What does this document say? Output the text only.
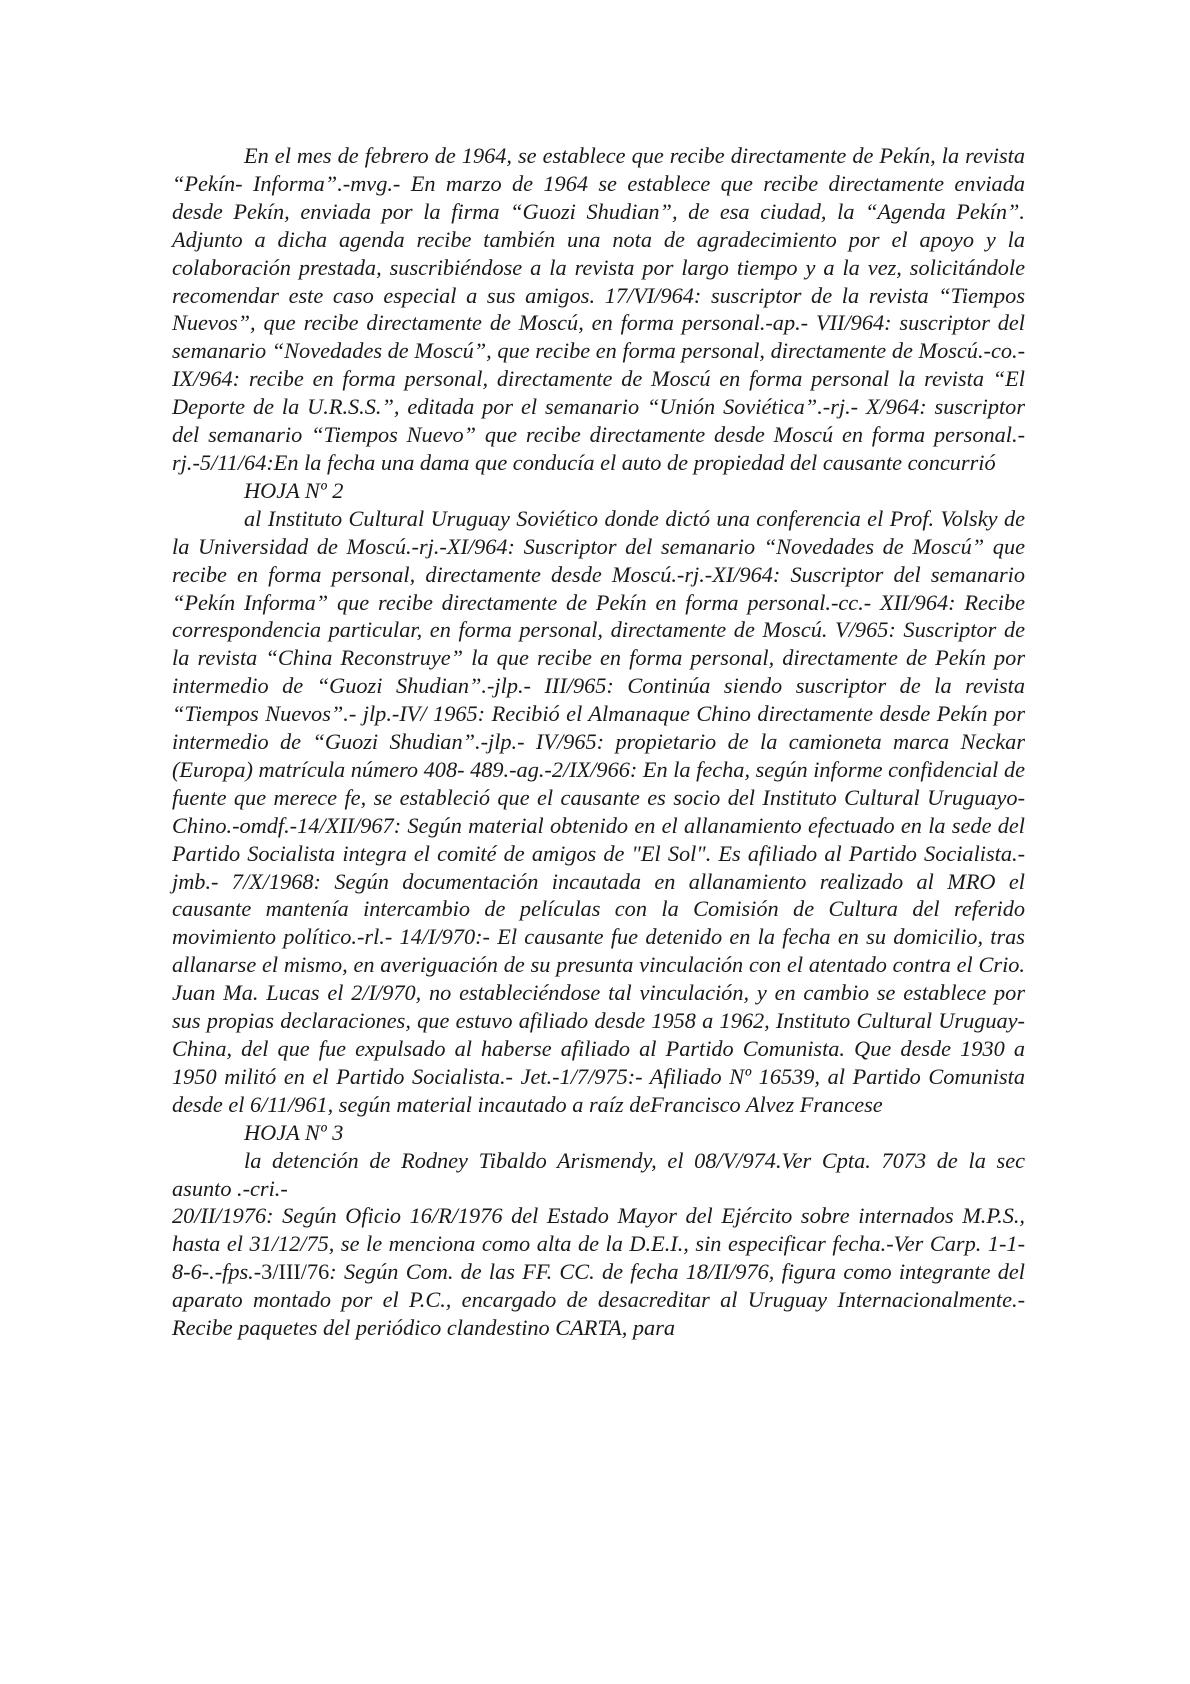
En el mes de febrero de 1964, se establece que recibe directamente de Pekín, la revista “Pekín- Informa”.-mvg.- En marzo de 1964 se establece que recibe directamente enviada desde Pekín, enviada por la firma “Guozi Shudian”, de esa ciudad, la “Agenda Pekín”. Adjunto a dicha agenda recibe también una nota de agradecimiento por el apoyo y la colaboración prestada, suscribiéndose a la revista por largo tiempo y a la vez, solicitándole recomendar este caso especial a sus amigos. 17/VI/964: suscriptor de la revista “Tiempos Nuevos”, que recibe directamente de Moscú, en forma personal.-ap.- VII/964: suscriptor del semanario “Novedades de Moscú”, que recibe en forma personal, directamente de Moscú.-co.-IX/964: recibe en forma personal, directamente de Moscú en forma personal la revista “El Deporte de la U.R.S.S.”, editada por el semanario “Unión Soviética”.-rj.- X/964: suscriptor del semanario “Tiempos Nuevo” que recibe directamente desde Moscú en forma personal.-rj.-5/11/64:En la fecha una dama que conducía el auto de propiedad del causante concurrió

HOJA Nº 2

al Instituto Cultural Uruguay Soviético donde dictó una conferencia el Prof. Volsky de la Universidad de Moscú.-rj.-XI/964: Suscriptor del semanario “Novedades de Moscú” que recibe en forma personal, directamente desde Moscú.-rj.-XI/964: Suscriptor del semanario “Pekín Informa” que recibe directamente de Pekín en forma personal.-cc.- XII/964: Recibe correspondencia particular, en forma personal, directamente de Moscú. V/965: Suscriptor de la revista “China Reconstruye” la que recibe en forma personal, directamente de Pekín por intermedio de “Guozi Shudian”.-jlp.- III/965: Continúa siendo suscriptor de la revista “Tiempos Nuevos”.- jlp.-IV/ 1965: Recibió el Almanaque Chino directamente desde Pekín por intermedio de “Guozi Shudian”.-jlp.- IV/965: propietario de la camioneta marca Neckar (Europa) matrícula número 408- 489.-ag.-2/IX/966: En la fecha, según informe confidencial de fuente que merece fe, se estableció que el causante es socio del Instituto Cultural Uruguayo-Chino.-omdf.-14/XII/967: Según material obtenido en el allanamiento efectuado en la sede del Partido Socialista integra el comité de amigos de "El Sol". Es afiliado al Partido Socialista.-jmb.- 7/X/1968: Según documentación incautada en allanamiento realizado al MRO el causante mantenía intercambio de películas con la Comisión de Cultura del referido movimiento político.-rl.- 14/I/970:- El causante fue detenido en la fecha en su domicilio, tras allanarse el mismo, en averiguación de su presunta vinculación con el atentado contra el Crio. Juan Ma. Lucas el 2/I/970, no estableciéndose tal vinculación, y en cambio se establece por sus propias declaraciones, que estuvo afiliado desde 1958 a 1962, Instituto Cultural Uruguay-China, del que fue expulsado al haberse afiliado al Partido Comunista. Que desde 1930 a 1950 militó en el Partido Socialista.- Jet.-1/7/975:- Afiliado Nº 16539, al Partido Comunista desde el 6/11/961, según material incautado a raíz deFrancisco Alvez Francese

HOJA Nº 3

la detención de Rodney Tibaldo Arismendy, el 08/V/974.Ver Cpta. 7073 de la sec asunto .-cri.-

20/II/1976: Según Oficio 16/R/1976 del Estado Mayor del Ejército sobre internados M.P.S., hasta el 31/12/75, se le menciona como alta de la D.E.I., sin especificar fecha.-Ver Carp. 1-1-8-6-.-fps.-3/III/76: Según Com. de las FF. CC. de fecha 18/II/976, figura como integrante del aparato montado por el P.C., encargado de desacreditar al Uruguay Internacionalmente.- Recibe paquetes del periódico clandestino CARTA, para
